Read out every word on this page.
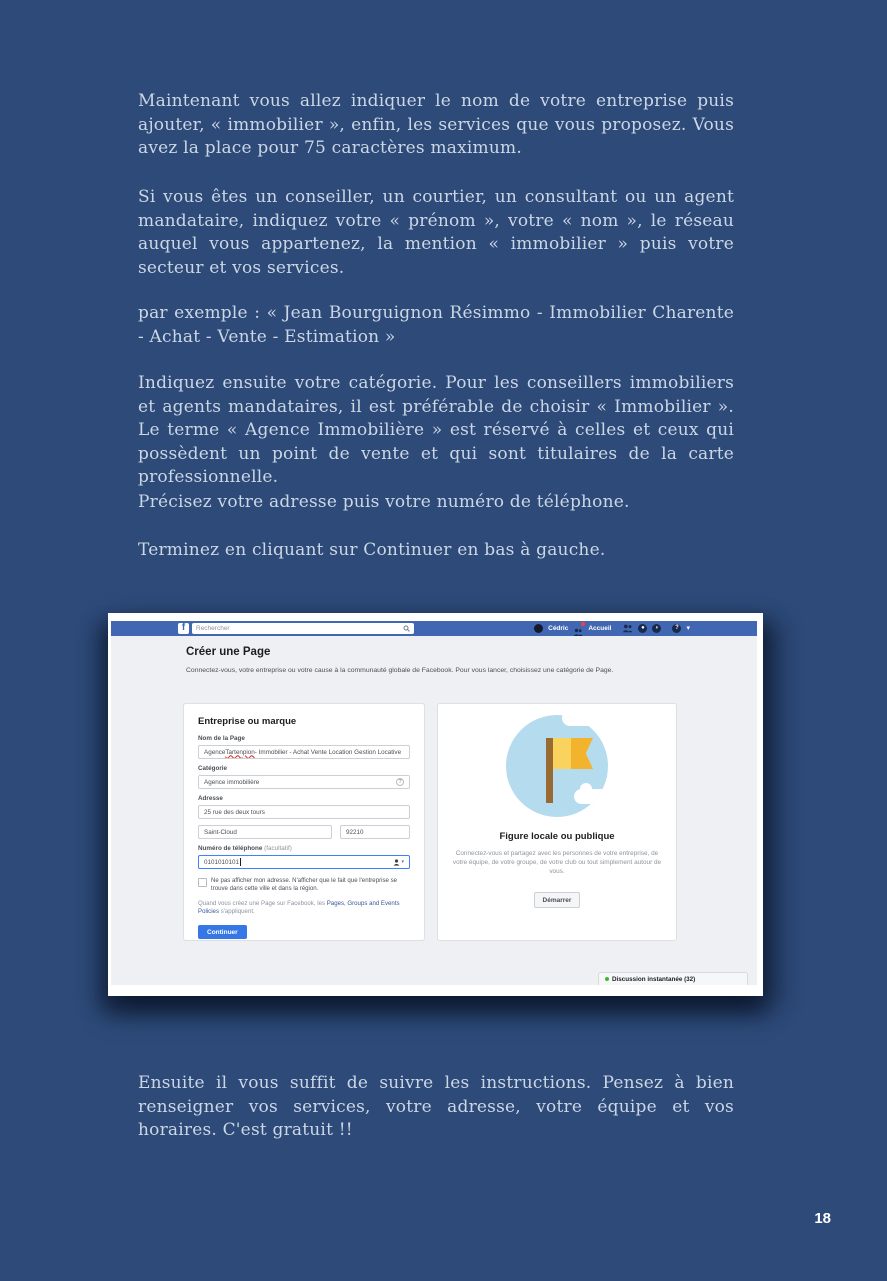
Maintenant vous allez indiquer le nom de votre entreprise puis ajouter, « immobilier », enfin, les services que vous proposez. Vous avez la place pour 75 caractères maximum.

Si vous êtes un conseiller, un courtier, un consultant ou un agent mandataire, indiquez votre « prénom », votre « nom », le réseau auquel vous appartenez, la mention « immobilier » puis votre secteur et vos services.

par exemple : « Jean Bourguignon Résimmo - Immobilier Charente - Achat - Vente - Estimation »

Indiquez ensuite votre catégorie. Pour les conseillers immobiliers et agents mandataires, il est préférable de choisir « Immobilier ». Le terme « Agence Immobilière » est réservé à celles et ceux qui possèdent un point de vente et qui sont titulaires de la carte professionnelle.

Précisez votre adresse puis votre numéro de téléphone.

Terminez en cliquant sur Continuer en bas à gauche.

Ensuite il vous suffit de suivre les instructions. Pensez à bien renseigner vos services, votre adresse, votre équipe et vos horaires. C'est gratuit !!

f	Rechercher	Cédric	Accueil	●	◗	?	▾
Créer une Page

Connectez-vous, votre entreprise ou votre cause à la communauté globale de Facebook. Pour vous lancer, choisissez une catégorie de Page.

Entreprise ou marque
Nom de la Page
Agence Tartenpion - Immobilier - Achat Vente Location Gestion Locative
Catégorie
Agence immobilière	?
Adresse
25 rue des deux tours
Saint-Cloud	92210
Numéro de téléphone (facultatif)
0101010101	▾
Ne pas afficher mon adresse. N'afficher que le fait que l'entreprise se trouve dans cette ville et dans la région.

Quand vous créez une Page sur Facebook, les Pages, Groups and Events Policies s'appliquent.

Continuer
Figure locale ou publique

Connectez-vous et partagez avec les personnes de votre entreprise, de votre équipe, de votre groupe, de votre club ou tout simplement autour de vous.

Démarrer
Discussion instantanée (32)
18
